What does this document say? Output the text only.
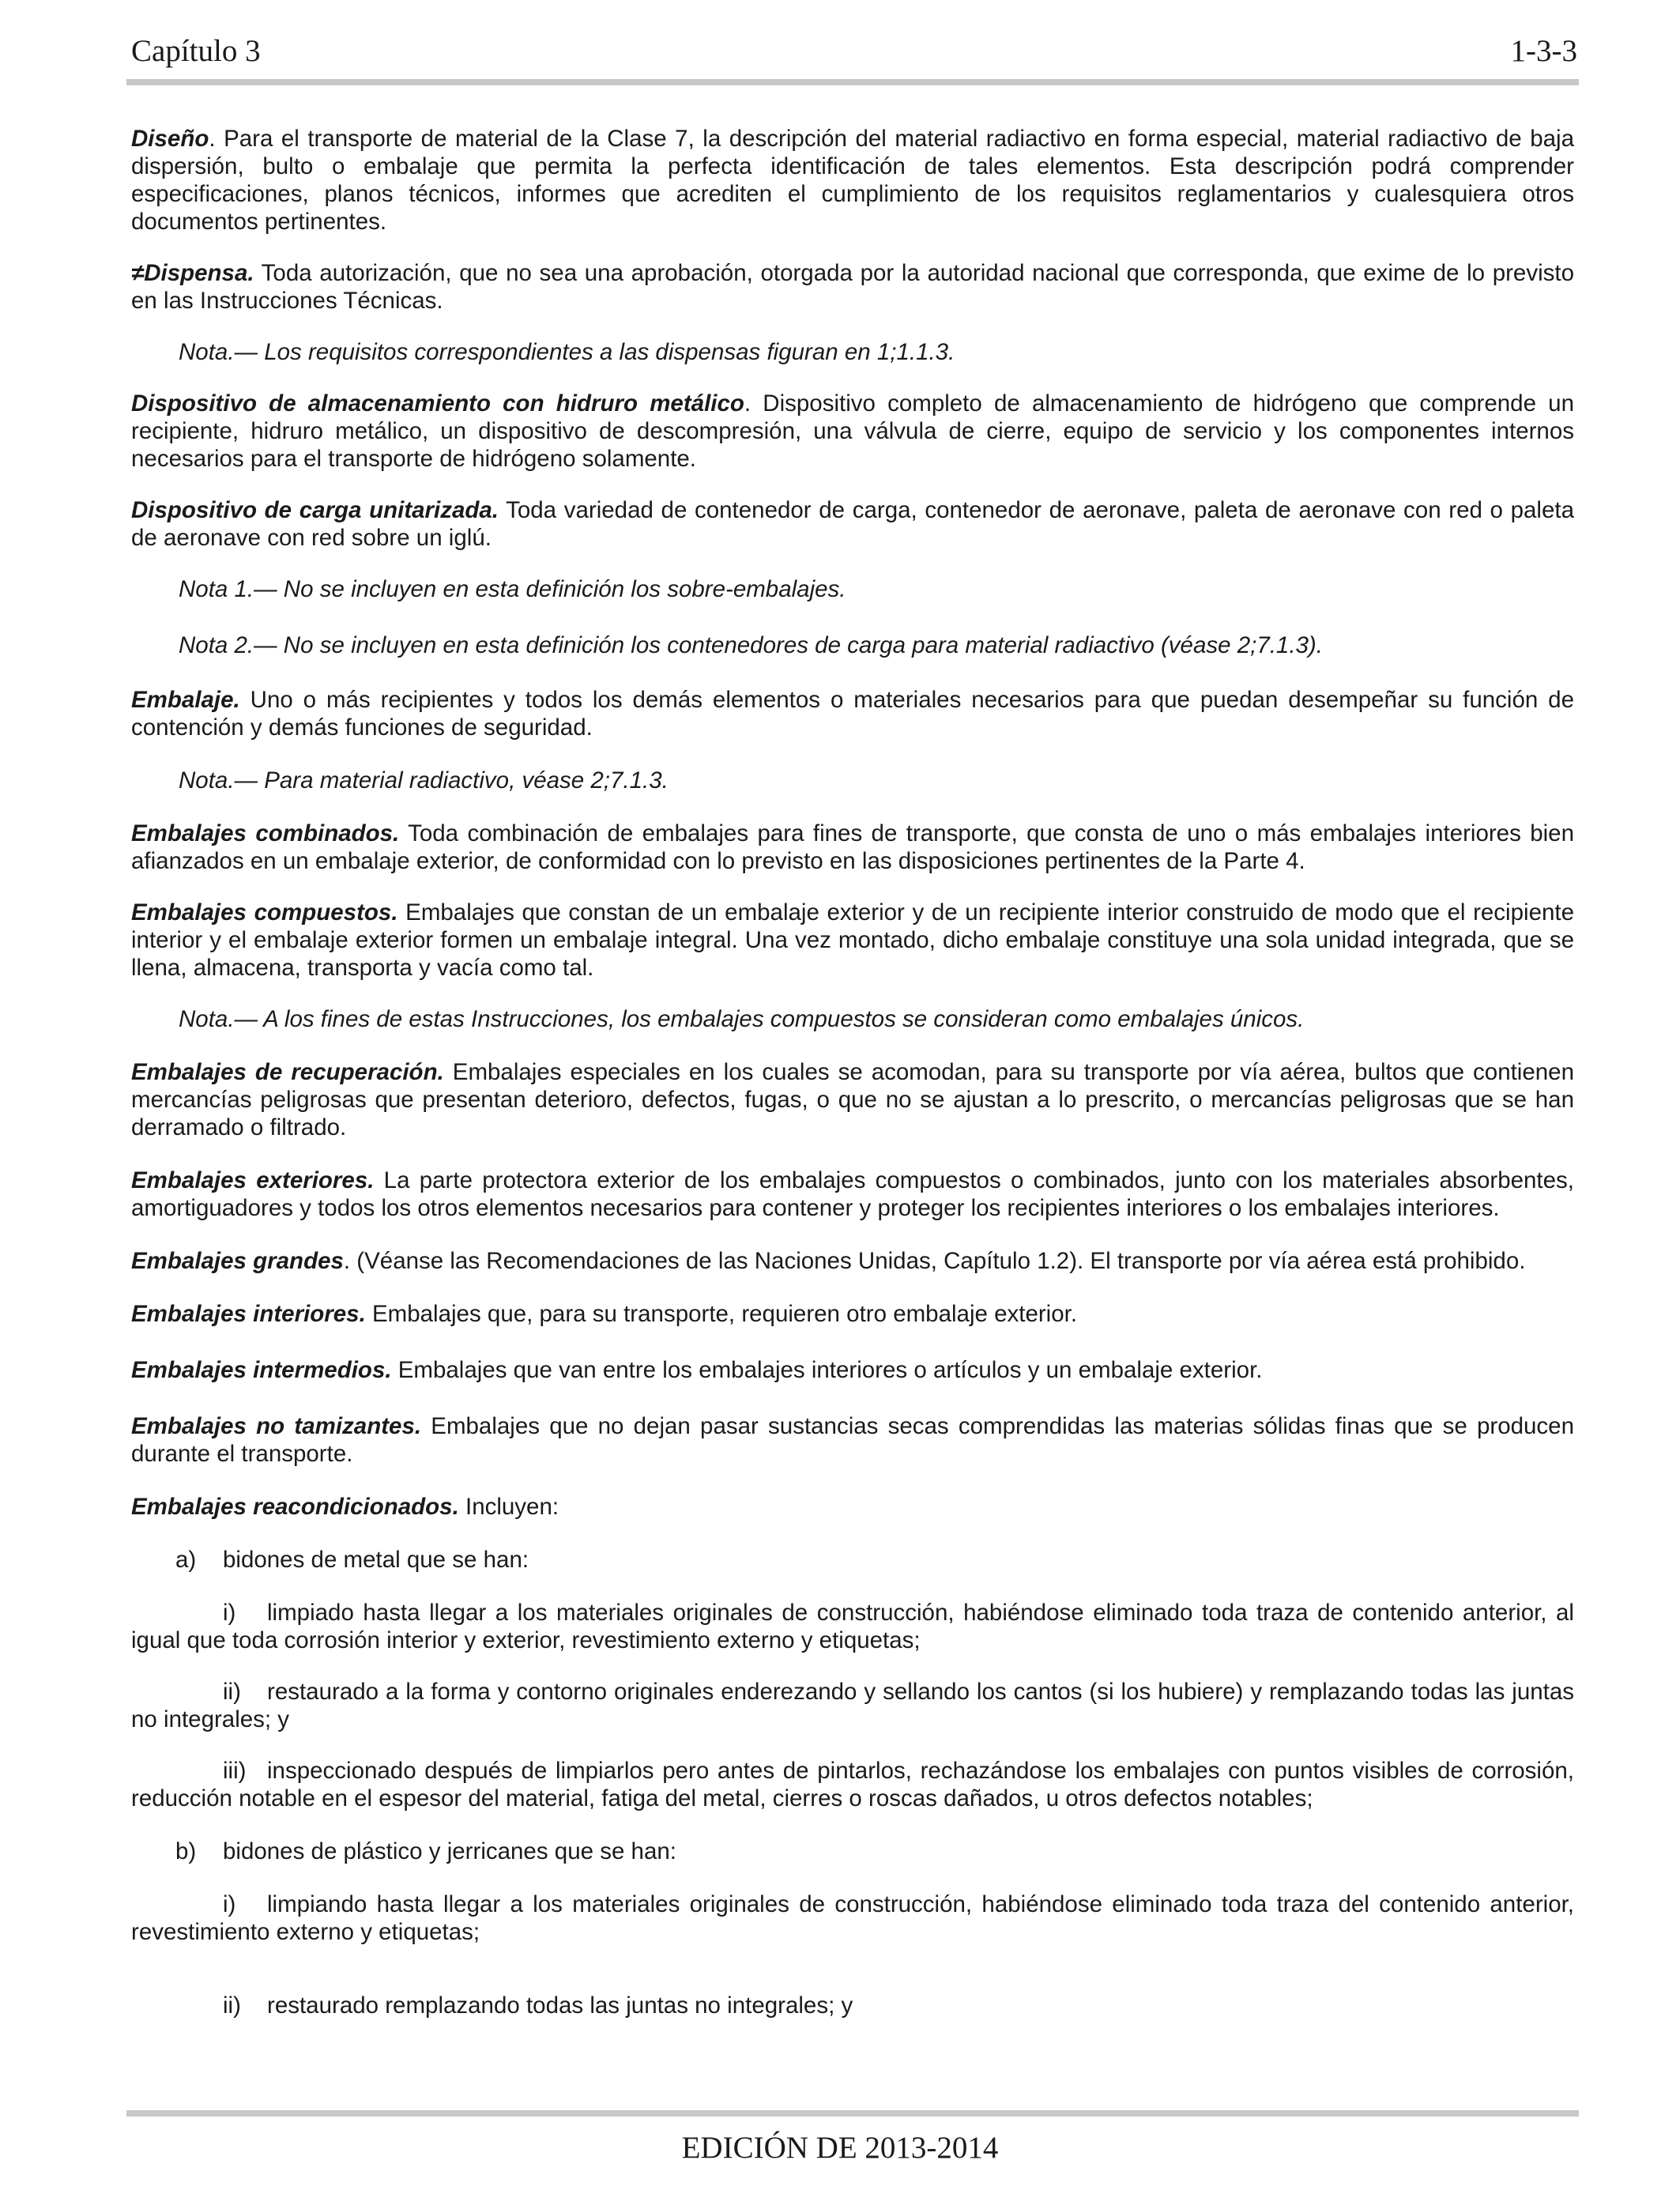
Capítulo 3	1-3-3

Diseño. Para el transporte de material de la Clase 7, la descripción del material radiactivo en forma especial, material radiactivo de baja dispersión, bulto o embalaje que permita la perfecta identificación de tales elementos. Esta descripción podrá comprender especificaciones, planos técnicos, informes que acrediten el cumplimiento de los requisitos reglamentarios y cualesquiera otros documentos pertinentes.

≠Dispensa. Toda autorización, que no sea una aprobación, otorgada por la autoridad nacional que corresponda, que exime de lo previsto en las Instrucciones Técnicas.

Nota.— Los requisitos correspondientes a las dispensas figuran en 1;1.1.3.

Dispositivo de almacenamiento con hidruro metálico. Dispositivo completo de almacenamiento de hidrógeno que comprende un recipiente, hidruro metálico, un dispositivo de descompresión, una válvula de cierre, equipo de servicio y los componentes internos necesarios para el transporte de hidrógeno solamente.

Dispositivo de carga unitarizada. Toda variedad de contenedor de carga, contenedor de aeronave, paleta de aeronave con red o paleta de aeronave con red sobre un iglú.

Nota 1.— No se incluyen en esta definición los sobre-embalajes.

Nota 2.— No se incluyen en esta definición los contenedores de carga para material radiactivo (véase 2;7.1.3).

Embalaje. Uno o más recipientes y todos los demás elementos o materiales necesarios para que puedan desempeñar su función de contención y demás funciones de seguridad.

Nota.— Para material radiactivo, véase 2;7.1.3.

Embalajes combinados. Toda combinación de embalajes para fines de transporte, que consta de uno o más embalajes interiores bien afianzados en un embalaje exterior, de conformidad con lo previsto en las disposiciones pertinentes de la Parte 4.

Embalajes compuestos. Embalajes que constan de un embalaje exterior y de un recipiente interior construido de modo que el recipiente interior y el embalaje exterior formen un embalaje integral. Una vez montado, dicho embalaje constituye una sola unidad integrada, que se llena, almacena, transporta y vacía como tal.

Nota.— A los fines de estas Instrucciones, los embalajes compuestos se consideran como embalajes únicos.

Embalajes de recuperación. Embalajes especiales en los cuales se acomodan, para su transporte por vía aérea, bultos que contienen mercancías peligrosas que presentan deterioro, defectos, fugas, o que no se ajustan a lo prescrito, o mercancías peligrosas que se han derramado o filtrado.

Embalajes exteriores. La parte protectora exterior de los embalajes compuestos o combinados, junto con los materiales absorbentes, amortiguadores y todos los otros elementos necesarios para contener y proteger los recipientes interiores o los embalajes interiores.

Embalajes grandes. (Véanse las Recomendaciones de las Naciones Unidas, Capítulo 1.2). El transporte por vía aérea está prohibido.

Embalajes interiores. Embalajes que, para su transporte, requieren otro embalaje exterior.

Embalajes intermedios. Embalajes que van entre los embalajes interiores o artículos y un embalaje exterior.

Embalajes no tamizantes. Embalajes que no dejan pasar sustancias secas comprendidas las materias sólidas finas que se producen durante el transporte.

Embalajes reacondicionados. Incluyen:

a) bidones de metal que se han:

i) limpiado hasta llegar a los materiales originales de construcción, habiéndose eliminado toda traza de contenido anterior, al igual que toda corrosión interior y exterior, revestimiento externo y etiquetas;

ii) restaurado a la forma y contorno originales enderezando y sellando los cantos (si los hubiere) y remplazando todas las juntas no integrales; y

iii) inspeccionado después de limpiarlos pero antes de pintarlos, rechazándose los embalajes con puntos visibles de corrosión, reducción notable en el espesor del material, fatiga del metal, cierres o roscas dañados, u otros defectos notables;

b) bidones de plástico y jerricanes que se han:

i) limpiando hasta llegar a los materiales originales de construcción, habiéndose eliminado toda traza del contenido anterior, revestimiento externo y etiquetas;

ii) restaurado remplazando todas las juntas no integrales; y

EDICIÓN DE 2013-2014
